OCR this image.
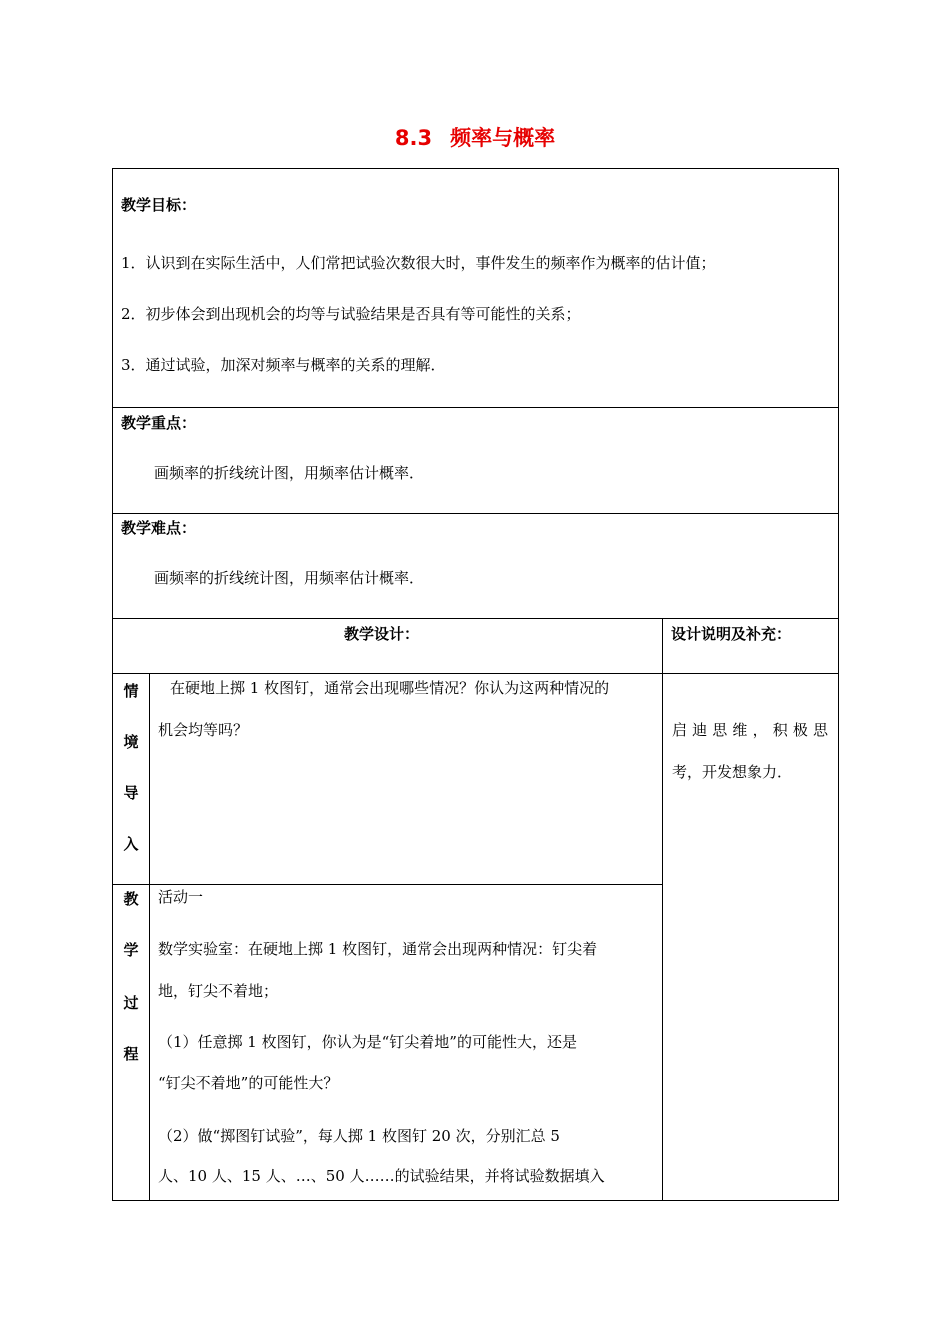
8.3 频率与概率
教学目标：
1．认识到在实际生活中，人们常把试验次数很大时，事件发生的频率作为概率的估计值；
2．初步体会到出现机会的均等与试验结果是否具有等可能性的关系；
3．通过试验，加深对频率与概率的关系的理解．
教学重点：
画频率的折线统计图，用频率估计概率．
教学难点：
画频率的折线统计图，用频率估计概率．
教学设计：	设计说明及补充：
情
境
导
入
在硬地上掷 1 枚图钉，通常会出现哪些情况？你认为这两种情况的
机会均等吗？	启迪思维，积极思
考，开发想象力．
教
学
过
程
活动一
数学实验室：在硬地上掷 1 枚图钉，通常会出现两种情况：钉尖着
地，钉尖不着地；
（1）任意掷 1 枚图钉，你认为是“钉尖着地”的可能性大，还是
“钉尖不着地”的可能性大？
（2）做“掷图钉试验”，每人掷 1 枚图钉 20 次，分别汇总 5
人、10 人、15 人、…、50 人……的试验结果，并将试验数据填入
